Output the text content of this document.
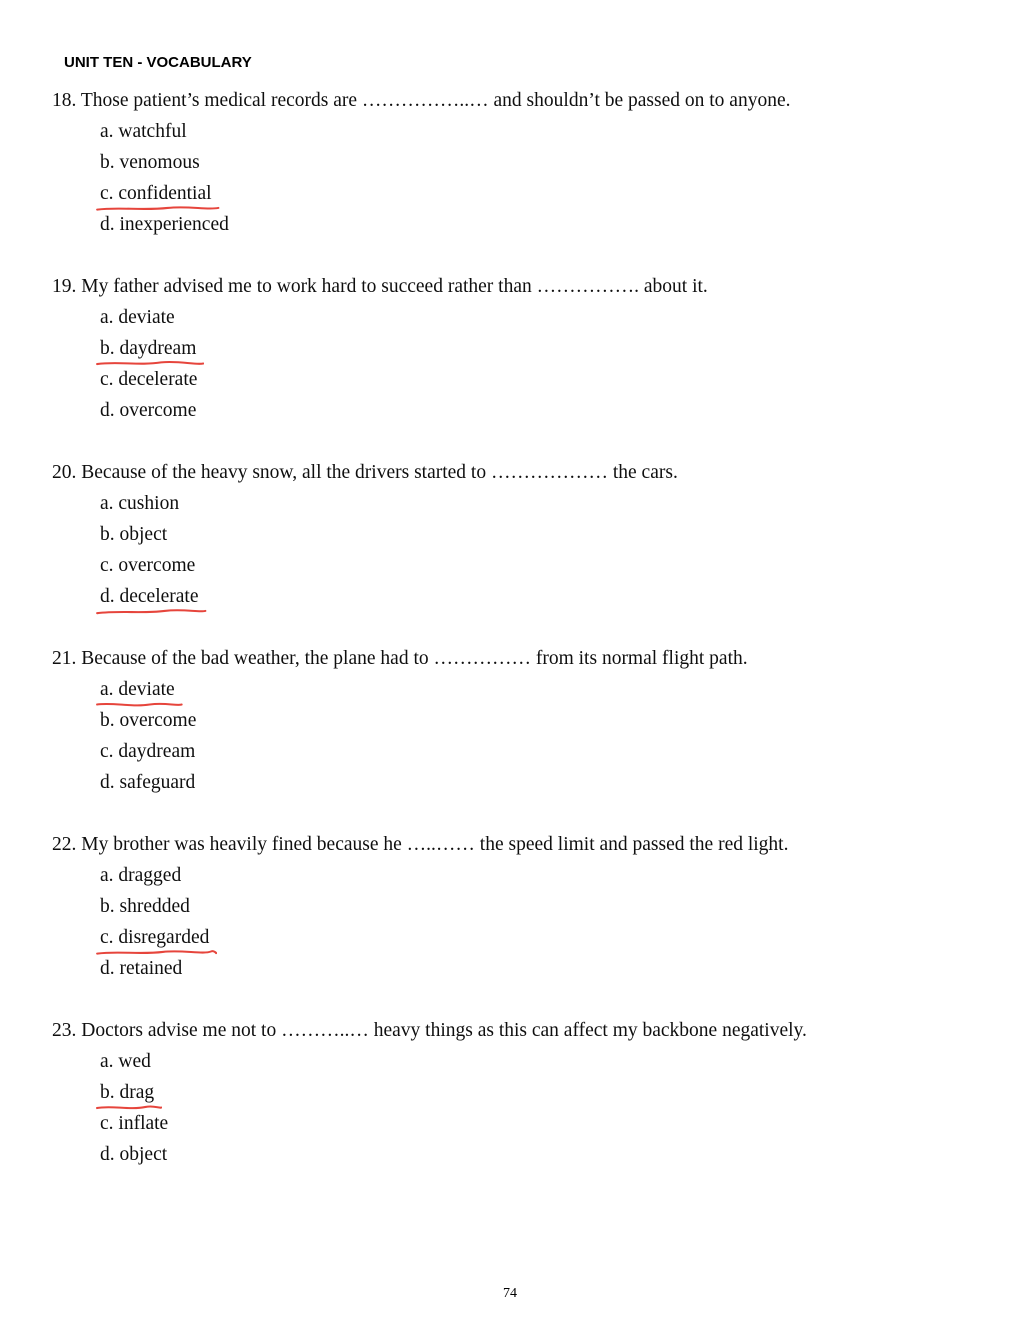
UNIT TEN - VOCABULARY
18. Those patient’s medical records are ……………..… and shouldn’t be passed on to anyone.
a. watchful
b. venomous
c. confidential
d. inexperienced
19. My father advised me to work hard to succeed rather than ……………. about it.
a. deviate
b. daydream
c. decelerate
d. overcome
20. Because of the heavy snow, all the drivers started to ……………… the cars.
a. cushion
b. object
c. overcome
d. decelerate
21. Because of the bad weather, the plane had to …………… from its normal flight path.
a. deviate
b. overcome
c. daydream
d. safeguard
22. My brother was heavily fined because he …..…… the speed limit and passed the red light.
a. dragged
b. shredded
c. disregarded
d. retained
23. Doctors advise me not to ………..… heavy things as this can affect my backbone negatively.
a. wed
b. drag
c. inflate
d. object
74
